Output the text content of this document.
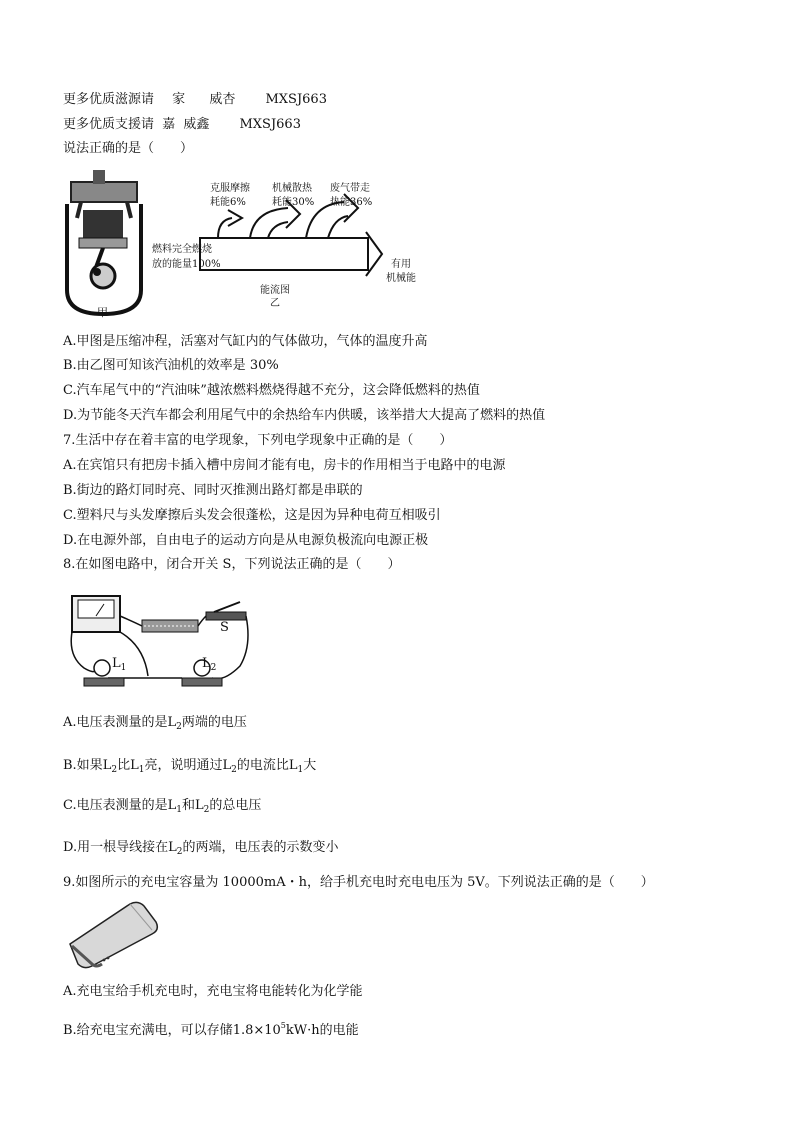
更多优质滋源请 家 威杏 MXSJ663
更多优质支援请 嘉 威鑫 MXSJ663
说法正确的是（　　）
甲
克服摩擦
耗能6%
机械散热
耗能30%
废气带走
热能36%
燃料完全燃烧
放的能量100%	有用
机械能
能流图
乙
A.甲图是压缩冲程，活塞对气缸内的气体做功，气体的温度升高
B.由乙图可知该汽油机的效率是 30%
C.汽车尾气中的“汽油味”越浓燃料燃烧得越不充分，这会降低燃料的热值
D.为节能冬天汽车都会利用尾气中的余热给车内供暖，该举措大大提高了燃料的热值
7.生活中存在着丰富的电学现象，下列电学现象中正确的是（　　）
A.在宾馆只有把房卡插入槽中房间才能有电，房卡的作用相当于电路中的电源
B.街边的路灯同时亮、同时灭推测出路灯都是串联的
C.塑料尺与头发摩擦后头发会很蓬松，这是因为异种电荷互相吸引
D.在电源外部，自由电子的运动方向是从电源负极流向电源正极
8.在如图电路中，闭合开关 S，下列说法正确的是（　　）
S
$L_1$	$L_2$
A.电压表测量的是$L_2$两端的电压
B.如果$L_2$比$L_1$亮，说明通过$L_2$的电流比$L_1$大
C.电压表测量的是$L_1$和$L_2$的总电压
D.用一根导线接在$L_2$的两端，电压表的示数变小
9.如图所示的充电宝容量为 10000mA・h，给手机充电时充电电压为 5V。下列说法正确的是（　　）
A.充电宝给手机充电时，充电宝将电能转化为化学能
B.给充电宝充满电，可以存储$1.8\times 10^5kW\cdot h$的电能
